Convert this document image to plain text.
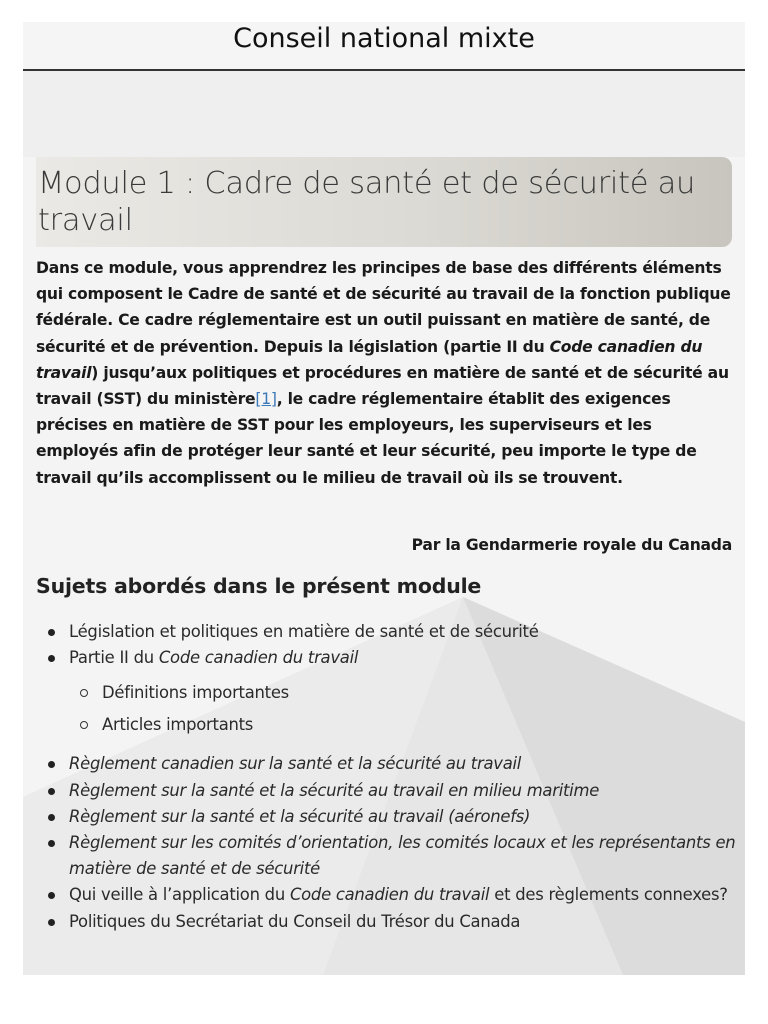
Conseil national mixte
Module 1 : Cadre de santé et de sécurité au travail

Dans ce module, vous apprendrez les principes de base des différents éléments qui composent le Cadre de santé et de sécurité au travail de la fonction publique fédérale. Ce cadre réglementaire est un outil puissant en matière de santé, de sécurité et de prévention. Depuis la législation (partie II du Code canadien du travail) jusqu’aux politiques et procédures en matière de santé et de sécurité au travail (SST) du ministère[1], le cadre réglementaire établit des exigences précises en matière de SST pour les employeurs, les superviseurs et les employés afin de protéger leur santé et leur sécurité, peu importe le type de travail qu’ils accomplissent ou le milieu de travail où ils se trouvent.

Par la Gendarmerie royale du Canada

Sujets abordés dans le présent module
Législation et politiques en matière de santé et de sécurité
Partie II du Code canadien du travail
Définitions importantes
Articles importants
Règlement canadien sur la santé et la sécurité au travail
Règlement sur la santé et la sécurité au travail en milieu maritime
Règlement sur la santé et la sécurité au travail (aéronefs)
Règlement sur les comités d’orientation, les comités locaux et les représentants en matière de santé et de sécurité
Qui veille à l’application du Code canadien du travail et des règlements connexes?
Politiques du Secrétariat du Conseil du Trésor du Canada
